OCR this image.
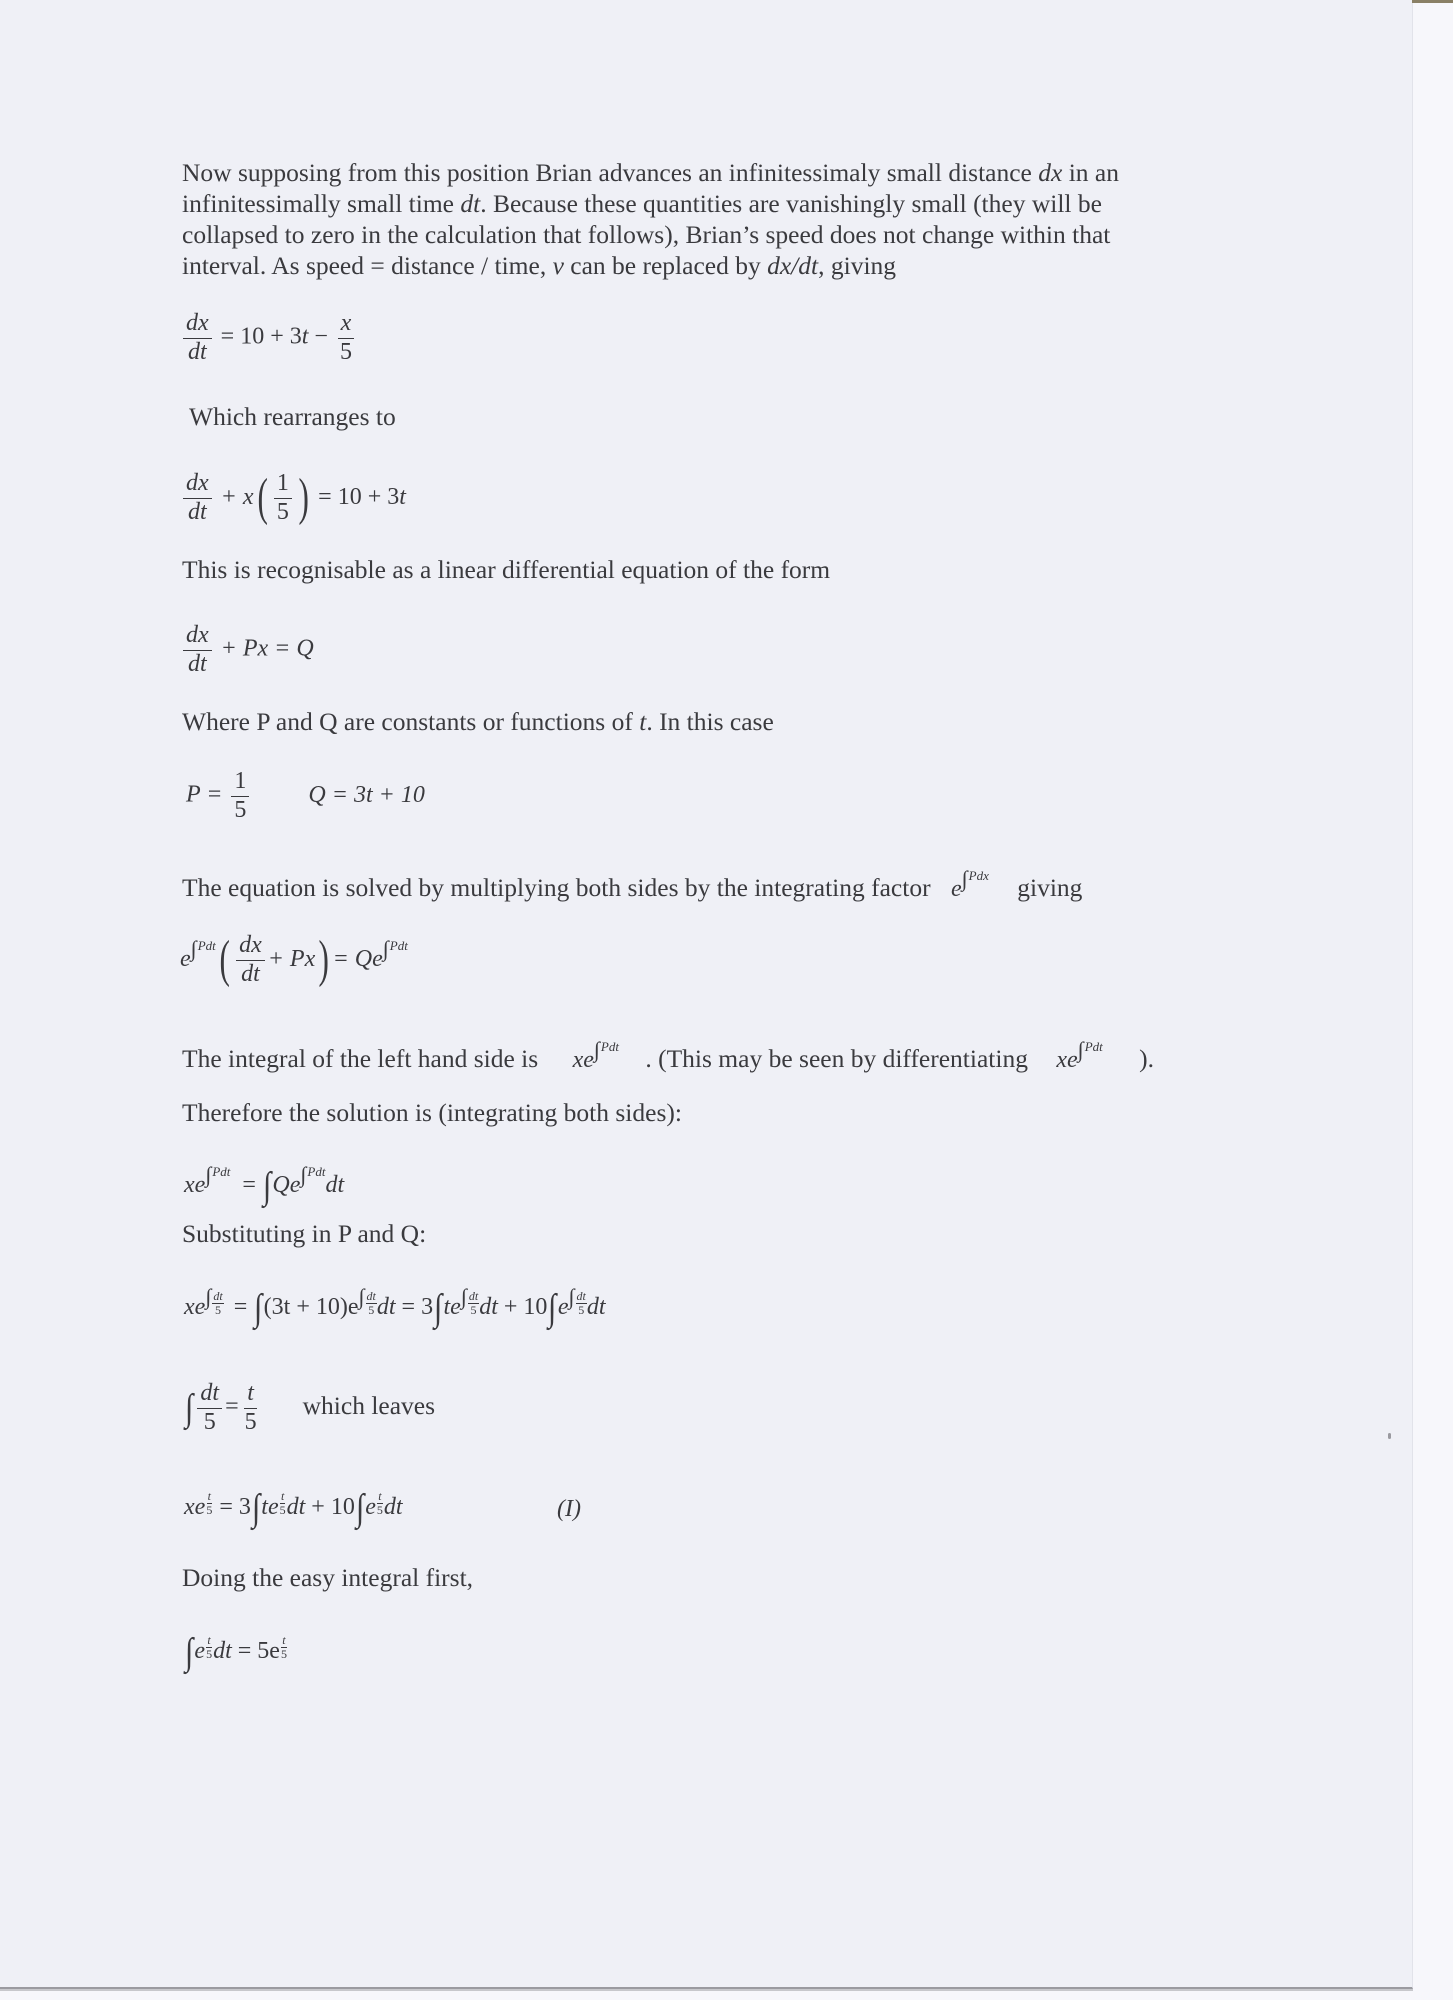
Now supposing from this position Brian advances an infinitessimaly small distance dx in an infinitessimally small time dt. Because these quantities are vanishingly small (they will be collapsed to zero in the calculation that follows), Brian’s speed does not change within that interval. As speed = distance / time, v can be replaced by dx/dt, giving
$\frac{dx}{dt} = 10 + 3t - \frac{x}{5}$
Which rearranges to
$\frac{dx}{dt} + x( \frac{1}{5}$ ) = 10 + 3t
This is recognisable as a linear differential equation of the form
$\frac{dx}{dt} + Px = Q$
Where P and Q are constants or functions of t. In this case
$P = \frac{1}{5}$ Q = 3t + 10
The equation is solved by multiplying both sides by the integrating factor e∫$^{Pdx}$ giving
$e\int^{Pdt}( \frac{dx}{dt} + Px) = Qe\int^{Pdt}$
The integral of the left hand side is xe∫$^{Pdt}$ . (This may be seen by differentiating xe∫$^{Pdt}$ ).
Therefore the solution is (integrating both sides):
xe∫$^{Pdt}$ = ∫Qe∫$^{Pdt}$dt
Substituting in P and Q:
$xe\int \frac{dt}{5} = \int(3t + 10)e\int \frac{dt}{5}$ dt = $3\int te\int \frac{dt}{5}$ dt + $10\int e\int \frac{dt}{5}$ dt
∫ $\frac{dt}{5} = \frac{t}{5}$ which leaves
xe $\frac{t}{5} = 3\int te \frac{t}{5}$ dt + $10\int e \frac{t}{5}$ dt	(I)
Doing the easy integral first,
$\int e \frac{t}{5}$ dt = $5e \frac{t}{5}$
